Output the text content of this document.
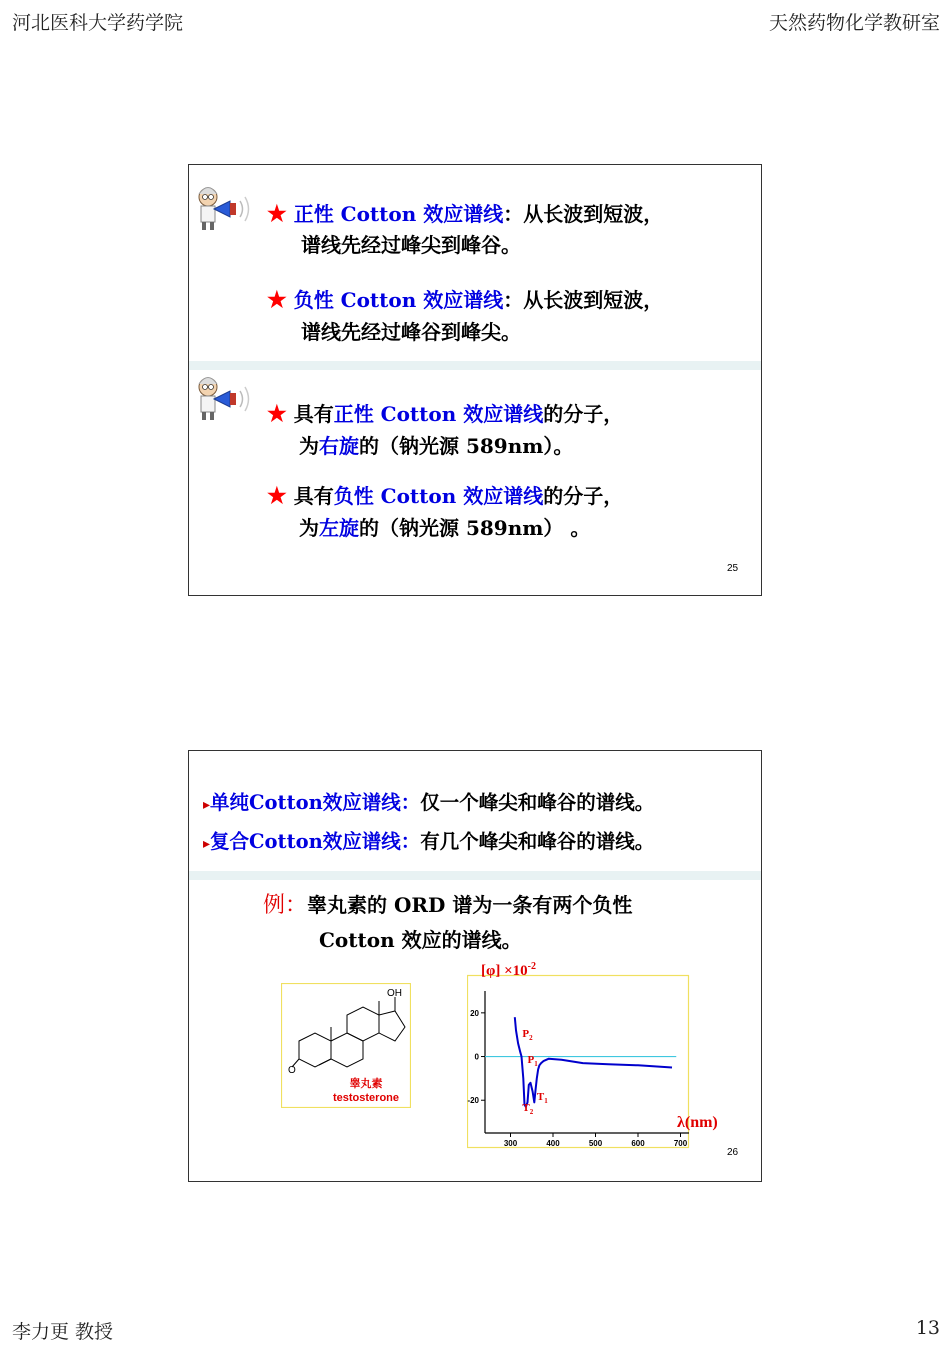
河北医科大学药学院	天然药物化学教研室
★ 正性 Cotton 效应谱线：从长波到短波，
谱线先经过峰尖到峰谷。
★ 负性 Cotton 效应谱线：从长波到短波，
谱线先经过峰谷到峰尖。
★ 具有正性 Cotton 效应谱线的分子，
为右旋的（钠光源 589nm）。
★ 具有负性 Cotton 效应谱线的分子，
为左旋的（钠光源 589nm） 。
25
▸单纯Cotton效应谱线：仅一个峰尖和峰谷的谱线。
▸复合Cotton效应谱线：有几个峰尖和峰谷的谱线。
例：睾丸素的 ORD 谱为一条有两个负性
Cotton 效应的谱线。
O
OH
睾丸素
testosterone
$[\varphi] \times 10^{-2}$
300	400	500	600	700
20
0
-20
$P_2$
$P_1$
$T_2$
$T_1$
λ(nm)
26
李力更 教授	13
